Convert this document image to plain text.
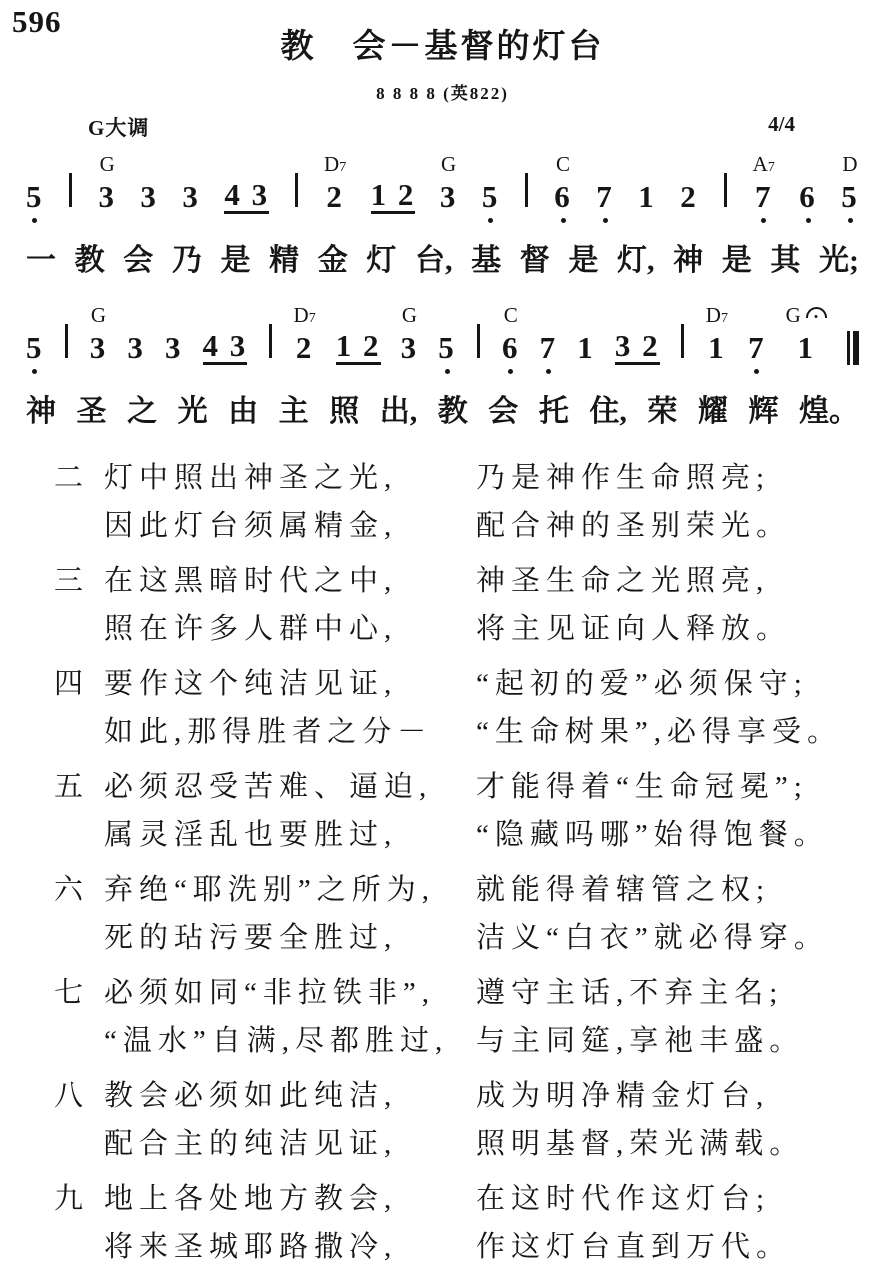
596
教　会－基督的灯台
8 8 8 8 (英822)
G大调	4/4
5
G
3 3 3 4 3
D7
2 1 2
G
3 5
C
6 7 1 2
A7
7 6
D
5
一 教 会 乃 是 精 金 灯 台, 基 督 是 灯, 神 是 其 光;
5
G
3 3 3 4 3
D7
2 1 2
G
3 5
C
6 7 1 3 2
D7
1 7
G
1
神 圣 之 光 由 主 照 出, 教 会 托 住, 荣 耀 辉 煌。
二 灯中照出神圣之光,	乃是神作生命照亮;
因此灯台须属精金,	配合神的圣别荣光。
三 在这黑暗时代之中,	神圣生命之光照亮,
照在许多人群中心,	将主见证向人释放。
四 要作这个纯洁见证,	“起初的爱”必须保守;
如此,那得胜者之分－	“生命树果”,必得享受。
五 必须忍受苦难、逼迫,	才能得着“生命冠冕”;
属灵淫乱也要胜过,	“隐藏吗哪”始得饱餐。
六 弃绝“耶洗别”之所为,	就能得着辖管之权;
死的玷污要全胜过,	洁义“白衣”就必得穿。
七 必须如同“非拉铁非”,	遵守主话,不弃主名;
“温水”自满,尽都胜过, 与主同筵,享祂丰盛。
八 教会必须如此纯洁,	成为明净精金灯台,
配合主的纯洁见证,	照明基督,荣光满载。
九 地上各处地方教会,	在这时代作这灯台;
将来圣城耶路撒冷,	作这灯台直到万代。
